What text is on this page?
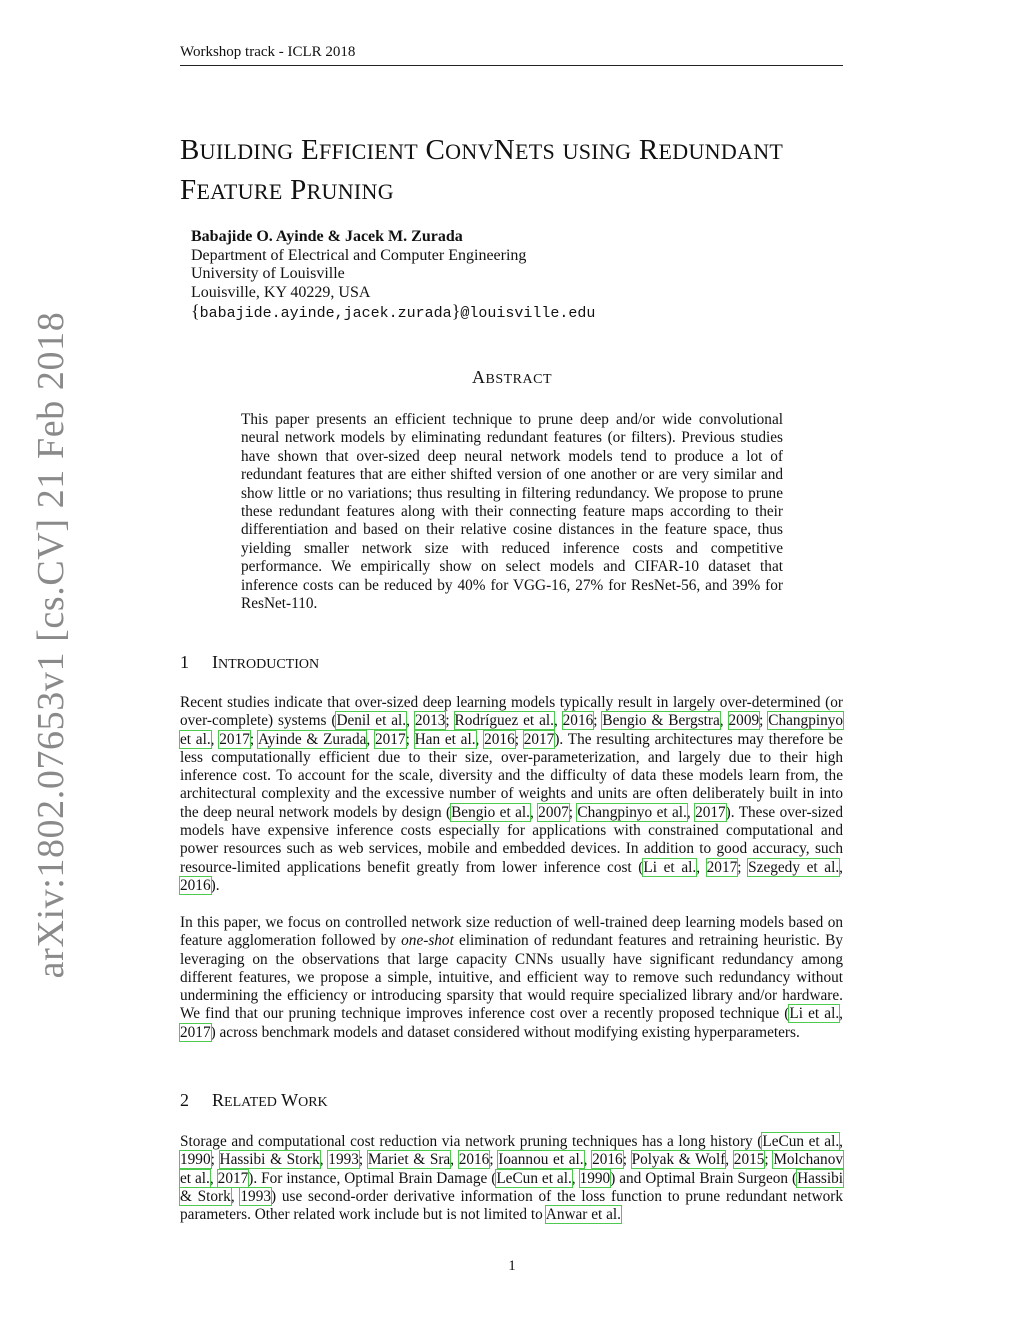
Workshop track - ICLR 2018
BUILDING EFFICIENT CONVNETS USING REDUNDANT
FEATURE PRUNING
Babajide O. Ayinde & Jacek M. Zurada
Department of Electrical and Computer Engineering
University of Louisville
Louisville, KY 40229, USA
{babajide.ayinde,jacek.zurada}@louisville.edu
ABSTRACT
This paper presents an efficient technique to prune deep and/or wide convolutional neural network models by eliminating redundant features (or filters). Previous studies have shown that over-sized deep neural network models tend to produce a lot of redundant features that are either shifted version of one another or are very similar and show little or no variations; thus resulting in filtering redundancy. We propose to prune these redundant features along with their connecting feature maps according to their differentiation and based on their relative cosine distances in the feature space, thus yielding smaller network size with reduced inference costs and competitive performance. We empirically show on select models and CIFAR-10 dataset that inference costs can be reduced by 40% for VGG-16, 27% for ResNet-56, and 39% for ResNet-110.
1 INTRODUCTION
Recent studies indicate that over-sized deep learning models typically result in largely over-determined (or over-complete) systems (Denil et al., 2013; Rodríguez et al., 2016; Bengio & Bergstra, 2009; Changpinyo et al., 2017; Ayinde & Zurada, 2017; Han et al., 2016; 2017). The resulting architectures may therefore be less computationally efficient due to their size, over-parameterization, and largely due to their high inference cost. To account for the scale, diversity and the difficulty of data these models learn from, the architectural complexity and the excessive number of weights and units are often deliberately built in into the deep neural network models by design (Bengio et al., 2007; Changpinyo et al., 2017). These over-sized models have expensive inference costs especially for applications with constrained computational and power resources such as web services, mobile and embedded devices. In addition to good accuracy, such resource-limited applications benefit greatly from lower inference cost (Li et al., 2017; Szegedy et al., 2016).
In this paper, we focus on controlled network size reduction of well-trained deep learning models based on feature agglomeration followed by one-shot elimination of redundant features and retraining heuristic. By leveraging on the observations that large capacity CNNs usually have significant redundancy among different features, we propose a simple, intuitive, and efficient way to remove such redundancy without undermining the efficiency or introducing sparsity that would require specialized library and/or hardware. We find that our pruning technique improves inference cost over a recently proposed technique (Li et al., 2017) across benchmark models and dataset considered without modifying existing hyperparameters.
2 RELATED WORK
Storage and computational cost reduction via network pruning techniques has a long history (LeCun et al., 1990; Hassibi & Stork, 1993; Mariet & Sra, 2016; Ioannou et al., 2016; Polyak & Wolf, 2015; Molchanov et al., 2017). For instance, Optimal Brain Damage (LeCun et al., 1990) and Optimal Brain Surgeon (Hassibi & Stork, 1993) use second-order derivative information of the loss function to prune redundant network parameters. Other related work include but is not limited to Anwar et al.
arXiv:1802.07653v1 [cs.CV] 21 Feb 2018
1
